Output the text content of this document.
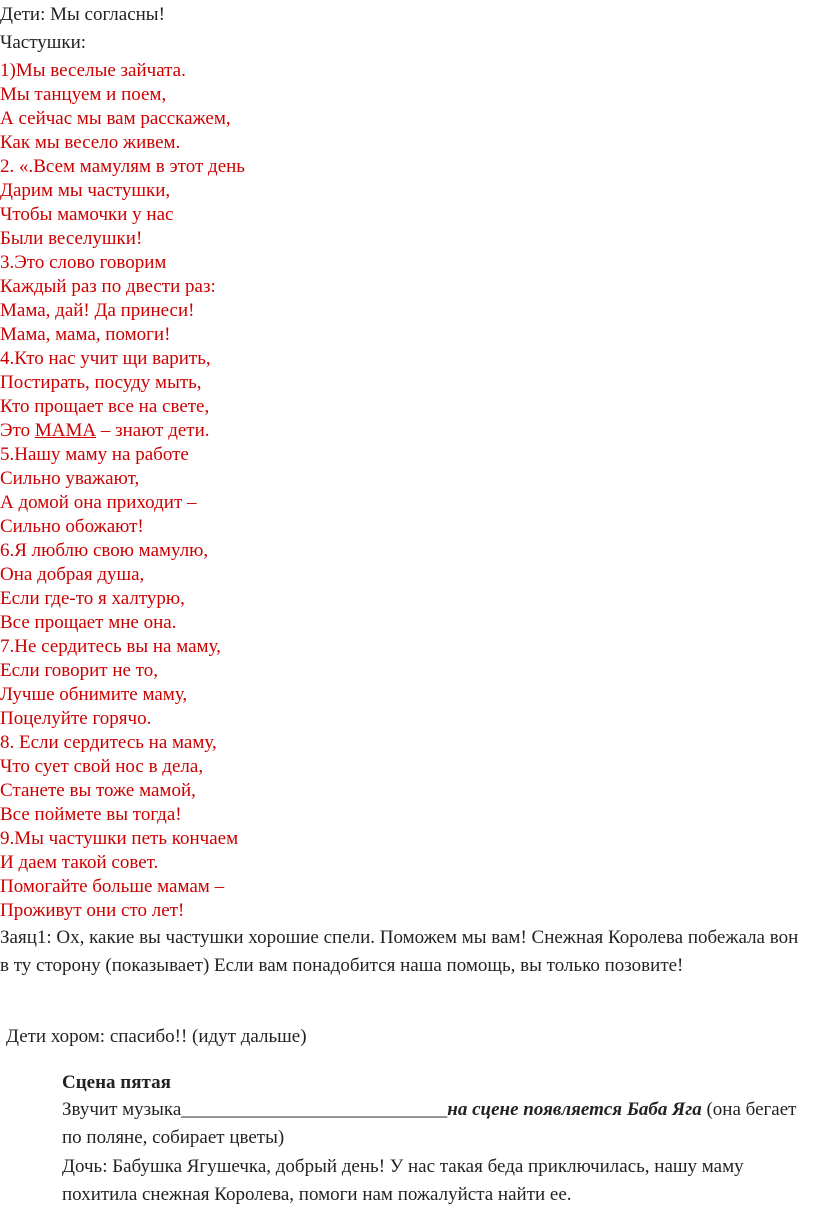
Дети: Мы согласны!
Частушки:
1)Мы веселые зайчата.
Мы танцуем и поем,
А сейчас мы вам расскажем,
Как мы весело живем.
2. «.Всем мамулям в этот день
Дарим мы частушки,
Чтобы мамочки у нас
Были веселушки!
3.Это слово говорим
Каждый раз по двести раз:
Мама, дай! Да принеси!
Мама, мама, помоги!
4.Кто нас учит щи варить,
Постирать, посуду мыть,
Кто прощает все на свете,
5.Нашу маму на работе
Сильно уважают,
А домой она приходит –
Сильно обожают!
6.Я люблю свою мамулю,
Она добрая душа,
Если где-то я халтурю,
Все прощает мне она.
7.Не сердитесь вы на маму,
Если говорит не то,
Лучше обнимите маму,
Поцелуйте горячо.
8. Если сердитесь на маму,
Что сует свой нос в дела,
Станете вы тоже мамой,
Все поймете вы тогда!
9.Мы частушки петь кончаем
И даем такой совет.
Помогайте больше мамам –
Проживут они сто лет!
Это МАМА – знают дети.
Заяц1: Ох, какие вы частушки хорошие спели. Поможем мы вам! Снежная Королева побежала вон в ту сторону (показывает) Если вам понадобится наша помощь, вы только позовите!
Дети хором: спасибо!! (идут дальше)
Сцена пятая
Звучит музыка____________________________на сцене появляется Баба Яга (она бегает по поляне, собирает цветы)
Дочь: Бабушка Ягушечка, добрый день! У нас такая беда приключилась, нашу маму похитила снежная Королева, помоги нам пожалуйста найти ее.
